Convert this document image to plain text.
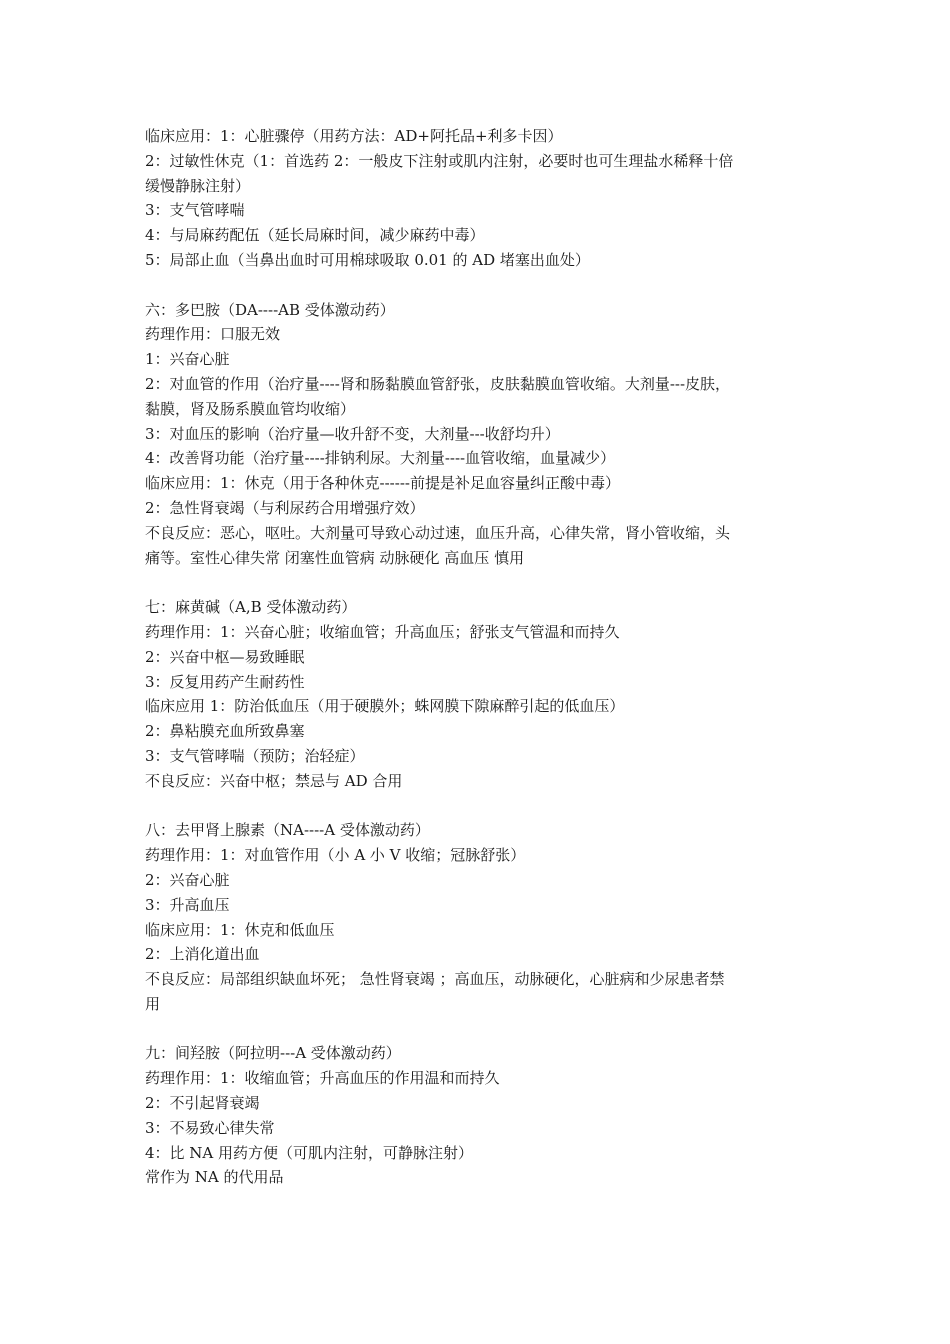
临床应用：1：心脏骤停（用药方法：AD+阿托品+利多卡因）

2：过敏性休克（1：首选药 2：一般皮下注射或肌内注射，必要时也可生理盐水稀释十倍

缓慢静脉注射）

3：支气管哮喘

4：与局麻药配伍（延长局麻时间，减少麻药中毒）

5：局部止血（当鼻出血时可用棉球吸取 0.01 的 AD 堵塞出血处）

六：多巴胺（DA----AB 受体激动药）

药理作用：口服无效

1：兴奋心脏

2：对血管的作用（治疗量----肾和肠黏膜血管舒张，皮肤黏膜血管收缩。大剂量---皮肤，

黏膜，肾及肠系膜血管均收缩）

3：对血压的影响（治疗量—收升舒不变，大剂量---收舒均升）

4：改善肾功能（治疗量----排钠利尿。大剂量----血管收缩，血量减少）

临床应用：1：休克（用于各种休克------前提是补足血容量纠正酸中毒）

2：急性肾衰竭（与利尿药合用增强疗效）

不良反应：恶心，呕吐。大剂量可导致心动过速，血压升高，心律失常，肾小管收缩，头

痛等。室性心律失常 闭塞性血管病 动脉硬化 高血压 慎用

七：麻黄碱（A,B 受体激动药）

药理作用：1：兴奋心脏；收缩血管；升高血压；舒张支气管温和而持久

2：兴奋中枢—易致睡眠

3：反复用药产生耐药性

临床应用 1：防治低血压（用于硬膜外；蛛网膜下隙麻醉引起的低血压）

2：鼻粘膜充血所致鼻塞

3：支气管哮喘（预防；治轻症）

不良反应：兴奋中枢；禁忌与 AD 合用

八：去甲肾上腺素（NA----A 受体激动药）

药理作用：1：对血管作用（小 A 小 V 收缩；冠脉舒张）

2：兴奋心脏

3：升高血压

临床应用：1：休克和低血压

2：上消化道出血

不良反应：局部组织缺血坏死； 急性肾衰竭 ；高血压，动脉硬化，心脏病和少尿患者禁

用

九：间羟胺（阿拉明---A 受体激动药）

药理作用：1：收缩血管；升高血压的作用温和而持久

2：不引起肾衰竭

3：不易致心律失常

4：比 NA 用药方便（可肌内注射，可静脉注射）

常作为 NA 的代用品
